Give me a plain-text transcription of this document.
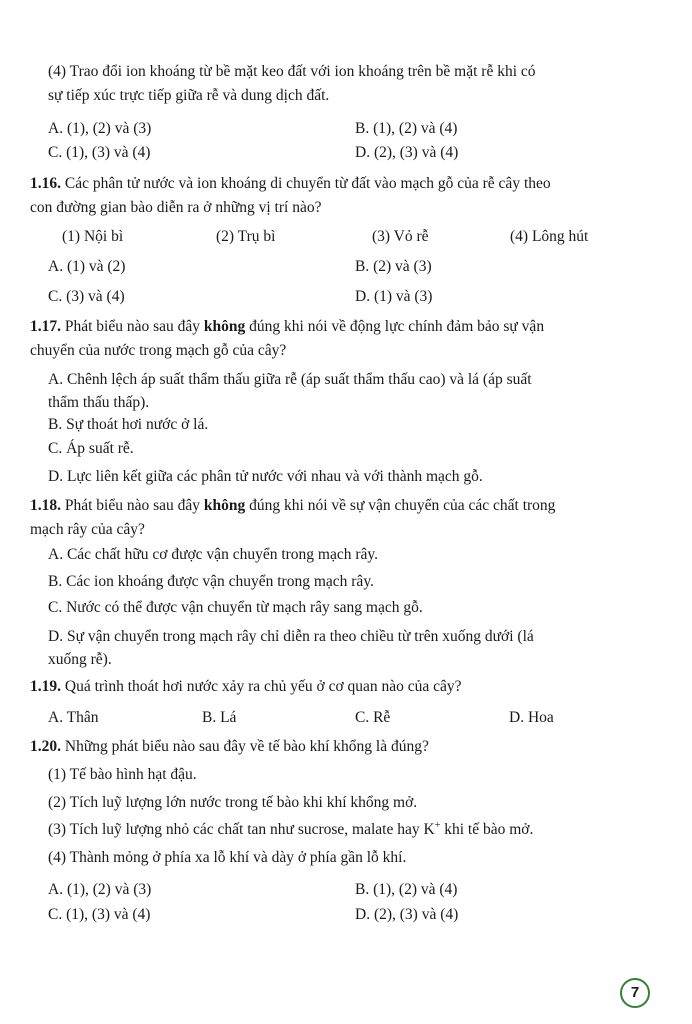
(4) Trao đổi ion khoáng từ bề mặt keo đất với ion khoáng trên bề mặt rễ khi có
sự tiếp xúc trực tiếp giữa rễ và dung dịch đất.
A. (1), (2) và (3)	B. (1), (2) và (4)
C. (1), (3) và (4)	D. (2), (3) và (4)
1.16. Các phân tử nước và ion khoáng di chuyển từ đất vào mạch gỗ của rễ cây theo
con đường gian bào diễn ra ở những vị trí nào?
(1) Nội bì	(2) Trụ bì	(3) Vỏ rễ	(4) Lông hút
A. (1) và (2)	B. (2) và (3)
C. (3) và (4)	D. (1) và (3)
1.17. Phát biểu nào sau đây không đúng khi nói về động lực chính đảm bảo sự vận
chuyển của nước trong mạch gỗ của cây?
A. Chênh lệch áp suất thẩm thấu giữa rễ (áp suất thẩm thấu cao) và lá (áp suất
thẩm thấu thấp).
B. Sự thoát hơi nước ở lá.
C. Áp suất rễ.
D. Lực liên kết giữa các phân tử nước với nhau và với thành mạch gỗ.
1.18. Phát biểu nào sau đây không đúng khi nói về sự vận chuyển của các chất trong
mạch rây của cây?
A. Các chất hữu cơ được vận chuyển trong mạch rây.
B. Các ion khoáng được vận chuyển trong mạch rây.
C. Nước có thể được vận chuyển từ mạch rây sang mạch gỗ.
D. Sự vận chuyển trong mạch rây chỉ diễn ra theo chiều từ trên xuống dưới (lá
xuống rễ).
1.19. Quá trình thoát hơi nước xảy ra chủ yếu ở cơ quan nào của cây?
A. Thân	B. Lá	C. Rễ	D. Hoa
1.20. Những phát biểu nào sau đây về tế bào khí khổng là đúng?
(1) Tế bào hình hạt đậu.
(2) Tích luỹ lượng lớn nước trong tế bào khi khí khổng mở.
(3) Tích luỹ lượng nhỏ các chất tan như sucrose, malate hay K+ khi tế bào mở.
(4) Thành mỏng ở phía xa lỗ khí và dày ở phía gần lỗ khí.
A. (1), (2) và (3)	B. (1), (2) và (4)
C. (1), (3) và (4)	D. (2), (3) và (4)
7
